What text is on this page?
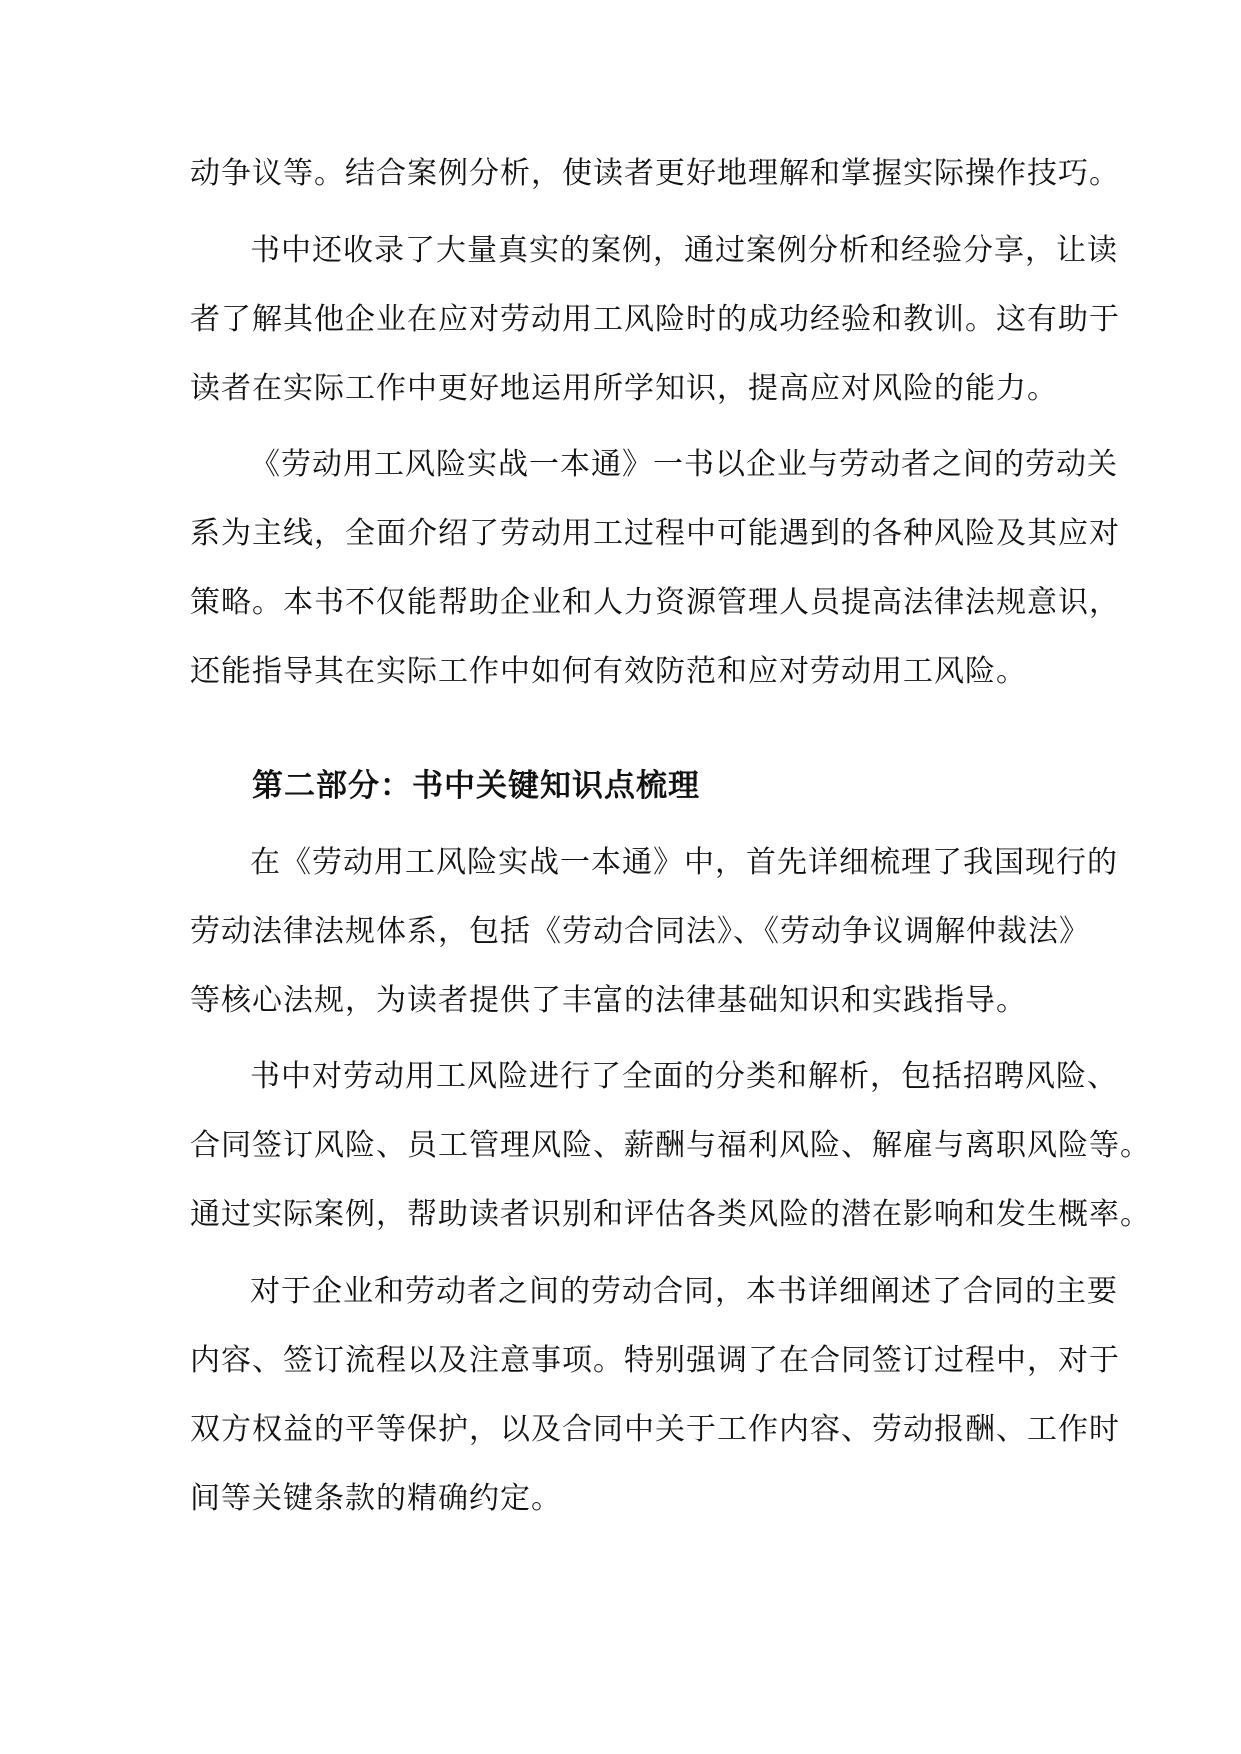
动争议等。结合案例分析，使读者更好地理解和掌握实际操作技巧。
书中还收录了大量真实的案例，通过案例分析和经验分享，让读
者了解其他企业在应对劳动用工风险时的成功经验和教训。这有助于
读者在实际工作中更好地运用所学知识，提高应对风险的能力。
《劳动用工风险实战一本通》一书以企业与劳动者之间的劳动关
系为主线，全面介绍了劳动用工过程中可能遇到的各种风险及其应对
策略。本书不仅能帮助企业和人力资源管理人员提高法律法规意识，
还能指导其在实际工作中如何有效防范和应对劳动用工风险。
第二部分：书中关键知识点梳理
在《劳动用工风险实战一本通》中，首先详细梳理了我国现行的
劳动法律法规体系，包括《劳动合同法》、《劳动争议调解仲裁法》
等核心法规，为读者提供了丰富的法律基础知识和实践指导。
书中对劳动用工风险进行了全面的分类和解析，包括招聘风险、
合同签订风险、员工管理风险、薪酬与福利风险、解雇与离职风险等。
通过实际案例，帮助读者识别和评估各类风险的潜在影响和发生概率。
对于企业和劳动者之间的劳动合同，本书详细阐述了合同的主要
内容、签订流程以及注意事项。特别强调了在合同签订过程中，对于
双方权益的平等保护，以及合同中关于工作内容、劳动报酬、工作时
间等关键条款的精确约定。
